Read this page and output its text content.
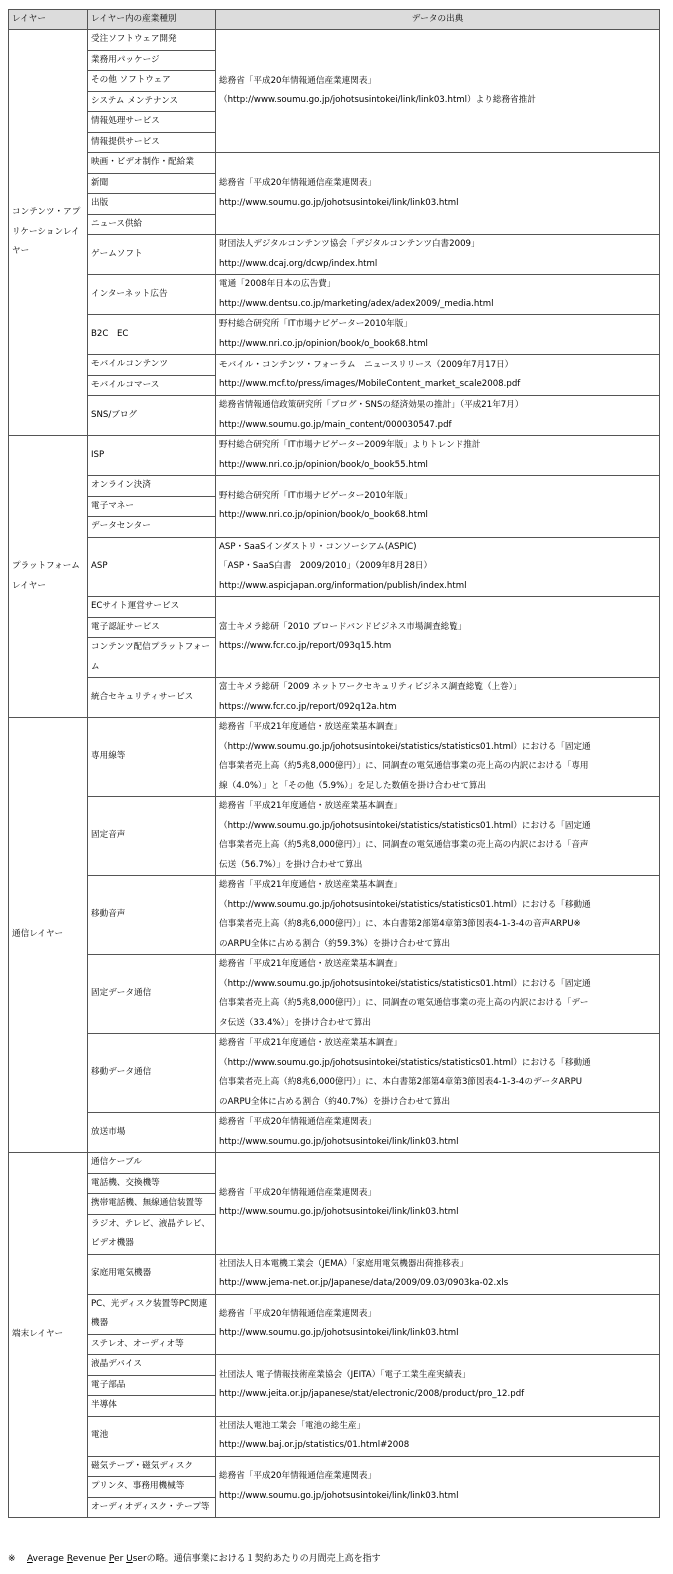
レイヤー	レイヤー内の産業種別	データの出典
コンテンツ・アプリケーションレイヤー	受注ソフトウェア開発	総務省「平成20年情報通信産業連関表」
（http://www.soumu.go.jp/johotsusintokei/link/link03.html）より総務省推計

	業務用パッケージ	
	その他 ソフトウェア	
	システム メンテナンス	
	情報処理サービス	
	情報提供サービス	
	映画・ビデオ制作・配給業	総務省「平成20年情報通信産業連関表」
http://www.soumu.go.jp/johotsusintokei/link/link03.html

	新聞	
	出版	
	ニュース供給	
	ゲームソフト	財団法人デジタルコンテンツ協会「デジタルコンテンツ白書2009」
http://www.dcaj.org/dcwp/index.html

	インターネット広告	電通「2008年日本の広告費」
http://www.dentsu.co.jp/marketing/adex/adex2009/_media.html

	B2C　EC	野村総合研究所「IT市場ナビゲーター2010年版」
http://www.nri.co.jp/opinion/book/o_book68.html

	モバイルコンテンツ	モバイル・コンテンツ・フォーラム　ニュースリリース（2009年7月17日）
http://www.mcf.to/press/images/MobileContent_market_scale2008.pdf

	モバイルコマース	
	SNS/ブログ	総務省情報通信政策研究所「ブログ・SNSの経済効果の推計」（平成21年7月）
http://www.soumu.go.jp/main_content/000030547.pdf

プラットフォームレイヤー	ISP	野村総合研究所「IT市場ナビゲーター2009年版」よりトレンド推計
http://www.nri.co.jp/opinion/book/o_book55.html

	オンライン決済	野村総合研究所「IT市場ナビゲーター2010年版」
http://www.nri.co.jp/opinion/book/o_book68.html

	電子マネー	
	データセンター	
	ASP	ASP・SaaSインダストリ・コンソーシアム(ASPIC)
「ASP・SaaS白書　2009/2010」（2009年8月28日）
http://www.aspicjapan.org/information/publish/index.html

	ECサイト運営サービス	富士キメラ総研「2010 ブロードバンドビジネス市場調査総覧」
https://www.fcr.co.jp/report/093q15.htm

	電子認証サービス	
	コンテンツ配信プラットフォーム	
	統合セキュリティサービス	富士キメラ総研「2009 ネットワークセキュリティビジネス調査総覧（上巻）」
https://www.fcr.co.jp/report/092q12a.htm

通信レイヤー	専用線等	総務省「平成21年度通信・放送産業基本調査」
（http://www.soumu.go.jp/johotsusintokei/statistics/statistics01.html）における「固定通
信事業者売上高（約5兆8,000億円）」に、同調査の電気通信事業の売上高の内訳における「専用
線（4.0%）」と「その他（5.9%）」を足した数値を掛け合わせて算出

	固定音声	総務省「平成21年度通信・放送産業基本調査」
（http://www.soumu.go.jp/johotsusintokei/statistics/statistics01.html）における「固定通
信事業者売上高（約5兆8,000億円）」に、同調査の電気通信事業の売上高の内訳における「音声
伝送（56.7%）」を掛け合わせて算出

	移動音声	総務省「平成21年度通信・放送産業基本調査」
（http://www.soumu.go.jp/johotsusintokei/statistics/statistics01.html）における「移動通
信事業者売上高（約8兆6,000億円）」に、本白書第2部第4章第3節図表4-1-3-4の音声ARPU※
のARPU全体に占める割合（約59.3%）を掛け合わせて算出

	固定データ通信	総務省「平成21年度通信・放送産業基本調査」
（http://www.soumu.go.jp/johotsusintokei/statistics/statistics01.html）における「固定通
信事業者売上高（約5兆8,000億円）」に、同調査の電気通信事業の売上高の内訳における「デー
タ伝送（33.4%）」を掛け合わせて算出

	移動データ通信	総務省「平成21年度通信・放送産業基本調査」
（http://www.soumu.go.jp/johotsusintokei/statistics/statistics01.html）における「移動通
信事業者売上高（約8兆6,000億円）」に、本白書第2部第4章第3節図表4-1-3-4のデータARPU
のARPU全体に占める割合（約40.7%）を掛け合わせて算出

	放送市場	総務省「平成20年情報通信産業連関表」
http://www.soumu.go.jp/johotsusintokei/link/link03.html

端末レイヤー	通信ケーブル	総務省「平成20年情報通信産業連関表」
http://www.soumu.go.jp/johotsusintokei/link/link03.html

	電話機、交換機等	
	携帯電話機、無線通信装置等	
	ラジオ、テレビ、液晶テレビ、ビデオ機器	
	家庭用電気機器	社団法人日本電機工業会（JEMA）「家庭用電気機器出荷推移表」
http://www.jema-net.or.jp/Japanese/data/2009/09.03/0903ka-02.xls

	PC、光ディスク装置等PC関連機器	総務省「平成20年情報通信産業連関表」
http://www.soumu.go.jp/johotsusintokei/link/link03.html

	ステレオ、オーディオ等	
	液晶デバイス	社団法人 電子情報技術産業協会（JEITA）「電子工業生産実績表」
http://www.jeita.or.jp/japanese/stat/electronic/2008/product/pro_12.pdf

	電子部品	
	半導体	
	電池	社団法人電池工業会「電池の総生産」
http://www.baj.or.jp/statistics/01.html#2008

	磁気テープ・磁気ディスク	総務省「平成20年情報通信産業連関表」
http://www.soumu.go.jp/johotsusintokei/link/link03.html

	プリンタ、事務用機械等	
	オーディオディスク・テープ等	
※ Average Revenue Per Userの略。通信事業における１契約あたりの月間売上高を指す
